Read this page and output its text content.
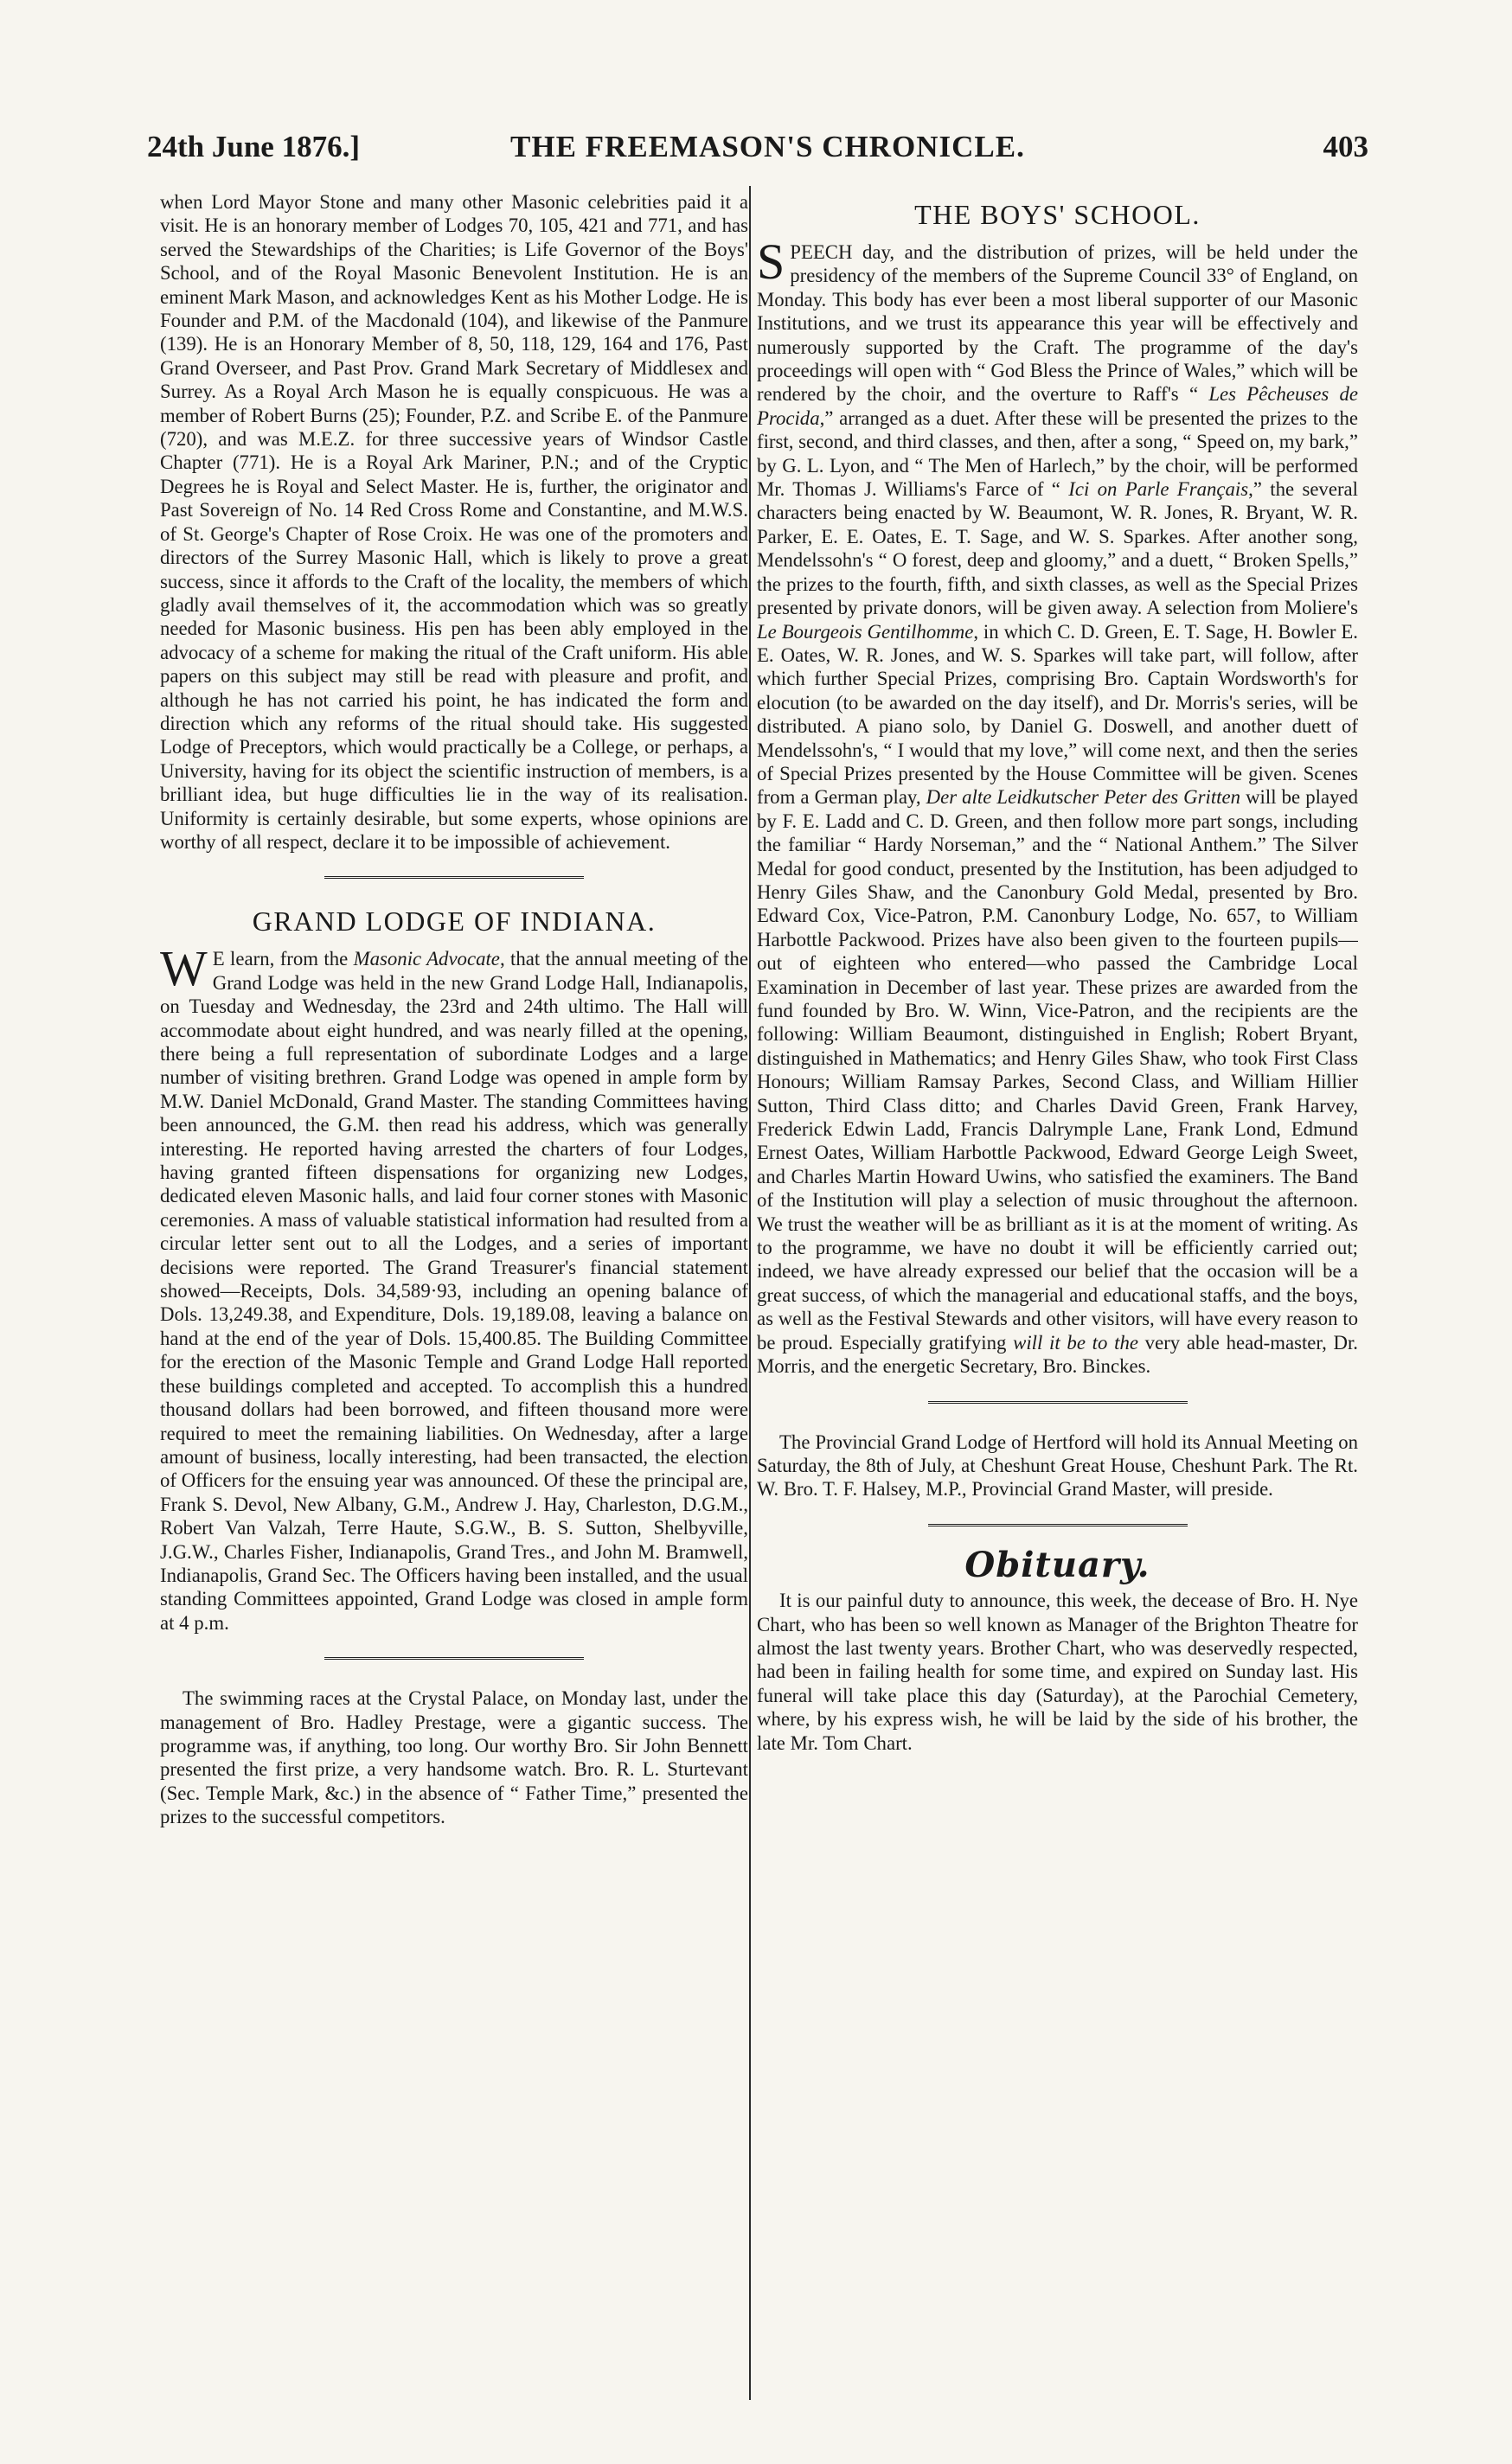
24th June 1876.]	THE FREEMASON'S CHRONICLE.	403

when Lord Mayor Stone and many other Masonic celebrities paid it a visit. He is an honorary member of Lodges 70, 105, 421 and 771, and has served the Stewardships of the Charities; is Life Governor of the Boys' School, and of the Royal Masonic Benevolent Institution. He is an eminent Mark Mason, and acknowledges Kent as his Mother Lodge. He is Founder and P.M. of the Macdonald (104), and likewise of the Panmure (139). He is an Honorary Member of 8, 50, 118, 129, 164 and 176, Past Grand Overseer, and Past Prov. Grand Mark Secretary of Middlesex and Surrey. As a Royal Arch Mason he is equally conspicuous. He was a member of Robert Burns (25); Founder, P.Z. and Scribe E. of the Panmure (720), and was M.E.Z. for three successive years of Windsor Castle Chapter (771). He is a Royal Ark Mariner, P.N.; and of the Cryptic Degrees he is Royal and Select Master. He is, further, the originator and Past Sovereign of No. 14 Red Cross Rome and Constantine, and M.W.S. of St. George's Chapter of Rose Croix. He was one of the promoters and directors of the Surrey Masonic Hall, which is likely to prove a great success, since it affords to the Craft of the locality, the members of which gladly avail themselves of it, the accommodation which was so greatly needed for Masonic business. His pen has been ably employed in the advocacy of a scheme for making the ritual of the Craft uniform. His able papers on this subject may still be read with pleasure and profit, and although he has not carried his point, he has indicated the form and direction which any reforms of the ritual should take. His suggested Lodge of Preceptors, which would practically be a College, or perhaps, a University, having for its object the scientific instruction of members, is a brilliant idea, but huge difficulties lie in the way of its realisation. Uniformity is certainly desirable, but some experts, whose opinions are worthy of all respect, declare it to be impossible of achievement.

GRAND LODGE OF INDIANA.

W E learn, from the Masonic Advocate, that the annual meeting of the Grand Lodge was held in the new Grand Lodge Hall, Indianapolis, on Tuesday and Wednesday, the 23rd and 24th ultimo. The Hall will accommodate about eight hundred, and was nearly filled at the opening, there being a full representation of subordinate Lodges and a large number of visiting brethren. Grand Lodge was opened in ample form by M.W. Daniel McDonald, Grand Master. The standing Committees having been announced, the G.M. then read his address, which was generally interesting. He reported having arrested the charters of four Lodges, having granted fifteen dispensations for organizing new Lodges, dedicated eleven Masonic halls, and laid four corner stones with Masonic ceremonies. A mass of valuable statistical information had resulted from a circular letter sent out to all the Lodges, and a series of important decisions were reported. The Grand Treasurer's financial statement showed—Receipts, Dols. 34,589·93, including an opening balance of Dols. 13,249.38, and Expenditure, Dols. 19,189.08, leaving a balance on hand at the end of the year of Dols. 15,400.85. The Building Committee for the erection of the Masonic Temple and Grand Lodge Hall reported these buildings completed and accepted. To accomplish this a hundred thousand dollars had been borrowed, and fifteen thousand more were required to meet the remaining liabilities. On Wednesday, after a large amount of business, locally interesting, had been transacted, the election of Officers for the ensuing year was announced. Of these the principal are, Frank S. Devol, New Albany, G.M., Andrew J. Hay, Charleston, D.G.M., Robert Van Valzah, Terre Haute, S.G.W., B. S. Sutton, Shelbyville, J.G.W., Charles Fisher, Indianapolis, Grand Tres., and John M. Bramwell, Indianapolis, Grand Sec. The Officers having been installed, and the usual standing Committees appointed, Grand Lodge was closed in ample form at 4 p.m.

The swimming races at the Crystal Palace, on Monday last, under the management of Bro. Hadley Prestage, were a gigantic success. The programme was, if anything, too long. Our worthy Bro. Sir John Bennett presented the first prize, a very handsome watch. Bro. R. L. Sturtevant (Sec. Temple Mark, &c.) in the absence of “ Father Time,” presented the prizes to the successful competitors.

THE BOYS' SCHOOL.

SPEECH day, and the distribution of prizes, will be held under the presidency of the members of the Supreme Council 33° of England, on Monday. This body has ever been a most liberal supporter of our Masonic Institutions, and we trust its appearance this year will be effectively and numerously supported by the Craft. The programme of the day's proceedings will open with “ God Bless the Prince of Wales,” which will be rendered by the choir, and the overture to Raff's “ Les Pêcheuses de Procida,” arranged as a duet. After these will be presented the prizes to the first, second, and third classes, and then, after a song, “ Speed on, my bark,” by G. L. Lyon, and “ The Men of Harlech,” by the choir, will be performed Mr. Thomas J. Williams's Farce of “ Ici on Parle Français,” the several characters being enacted by W. Beaumont, W. R. Jones, R. Bryant, W. R. Parker, E. E. Oates, E. T. Sage, and W. S. Sparkes. After another song, Mendelssohn's “ O forest, deep and gloomy,” and a duett, “ Broken Spells,” the prizes to the fourth, fifth, and sixth classes, as well as the Special Prizes presented by private donors, will be given away. A selection from Moliere's Le Bourgeois Gentilhomme, in which C. D. Green, E. T. Sage, H. Bowler E. E. Oates, W. R. Jones, and W. S. Sparkes will take part, will follow, after which further Special Prizes, comprising Bro. Captain Wordsworth's for elocution (to be awarded on the day itself), and Dr. Morris's series, will be distributed. A piano solo, by Daniel G. Doswell, and another duett of Mendelssohn's, “ I would that my love,” will come next, and then the series of Special Prizes presented by the House Committee will be given. Scenes from a German play, Der alte Leidkutscher Peter des Gritten will be played by F. E. Ladd and C. D. Green, and then follow more part songs, including the familiar “ Hardy Norseman,” and the “ National Anthem.” The Silver Medal for good conduct, presented by the Institution, has been adjudged to Henry Giles Shaw, and the Canonbury Gold Medal, presented by Bro. Edward Cox, Vice-Patron, P.M. Canonbury Lodge, No. 657, to William Harbottle Packwood. Prizes have also been given to the fourteen pupils—out of eighteen who entered—who passed the Cambridge Local Examination in December of last year. These prizes are awarded from the fund founded by Bro. W. Winn, Vice-Patron, and the recipients are the following: William Beaumont, distinguished in English; Robert Bryant, distinguished in Mathematics; and Henry Giles Shaw, who took First Class Honours; William Ramsay Parkes, Second Class, and William Hillier Sutton, Third Class ditto; and Charles David Green, Frank Harvey, Frederick Edwin Ladd, Francis Dalrymple Lane, Frank Lond, Edmund Ernest Oates, William Harbottle Packwood, Edward George Leigh Sweet, and Charles Martin Howard Uwins, who satisfied the examiners. The Band of the Institution will play a selection of music throughout the afternoon. We trust the weather will be as brilliant as it is at the moment of writing. As to the programme, we have no doubt it will be efficiently carried out; indeed, we have already expressed our belief that the occasion will be a great success, of which the managerial and educational staffs, and the boys, as well as the Festival Stewards and other visitors, will have every reason to be proud. Especially gratifying will it be to the very able head-master, Dr. Morris, and the energetic Secretary, Bro. Binckes.

The Provincial Grand Lodge of Hertford will hold its Annual Meeting on Saturday, the 8th of July, at Cheshunt Great House, Cheshunt Park. The Rt. W. Bro. T. F. Halsey, M.P., Provincial Grand Master, will preside.

Obituary.

It is our painful duty to announce, this week, the decease of Bro. H. Nye Chart, who has been so well known as Manager of the Brighton Theatre for almost the last twenty years. Brother Chart, who was deservedly respected, had been in failing health for some time, and expired on Sunday last. His funeral will take place this day (Saturday), at the Parochial Cemetery, where, by his express wish, he will be laid by the side of his brother, the late Mr. Tom Chart.
